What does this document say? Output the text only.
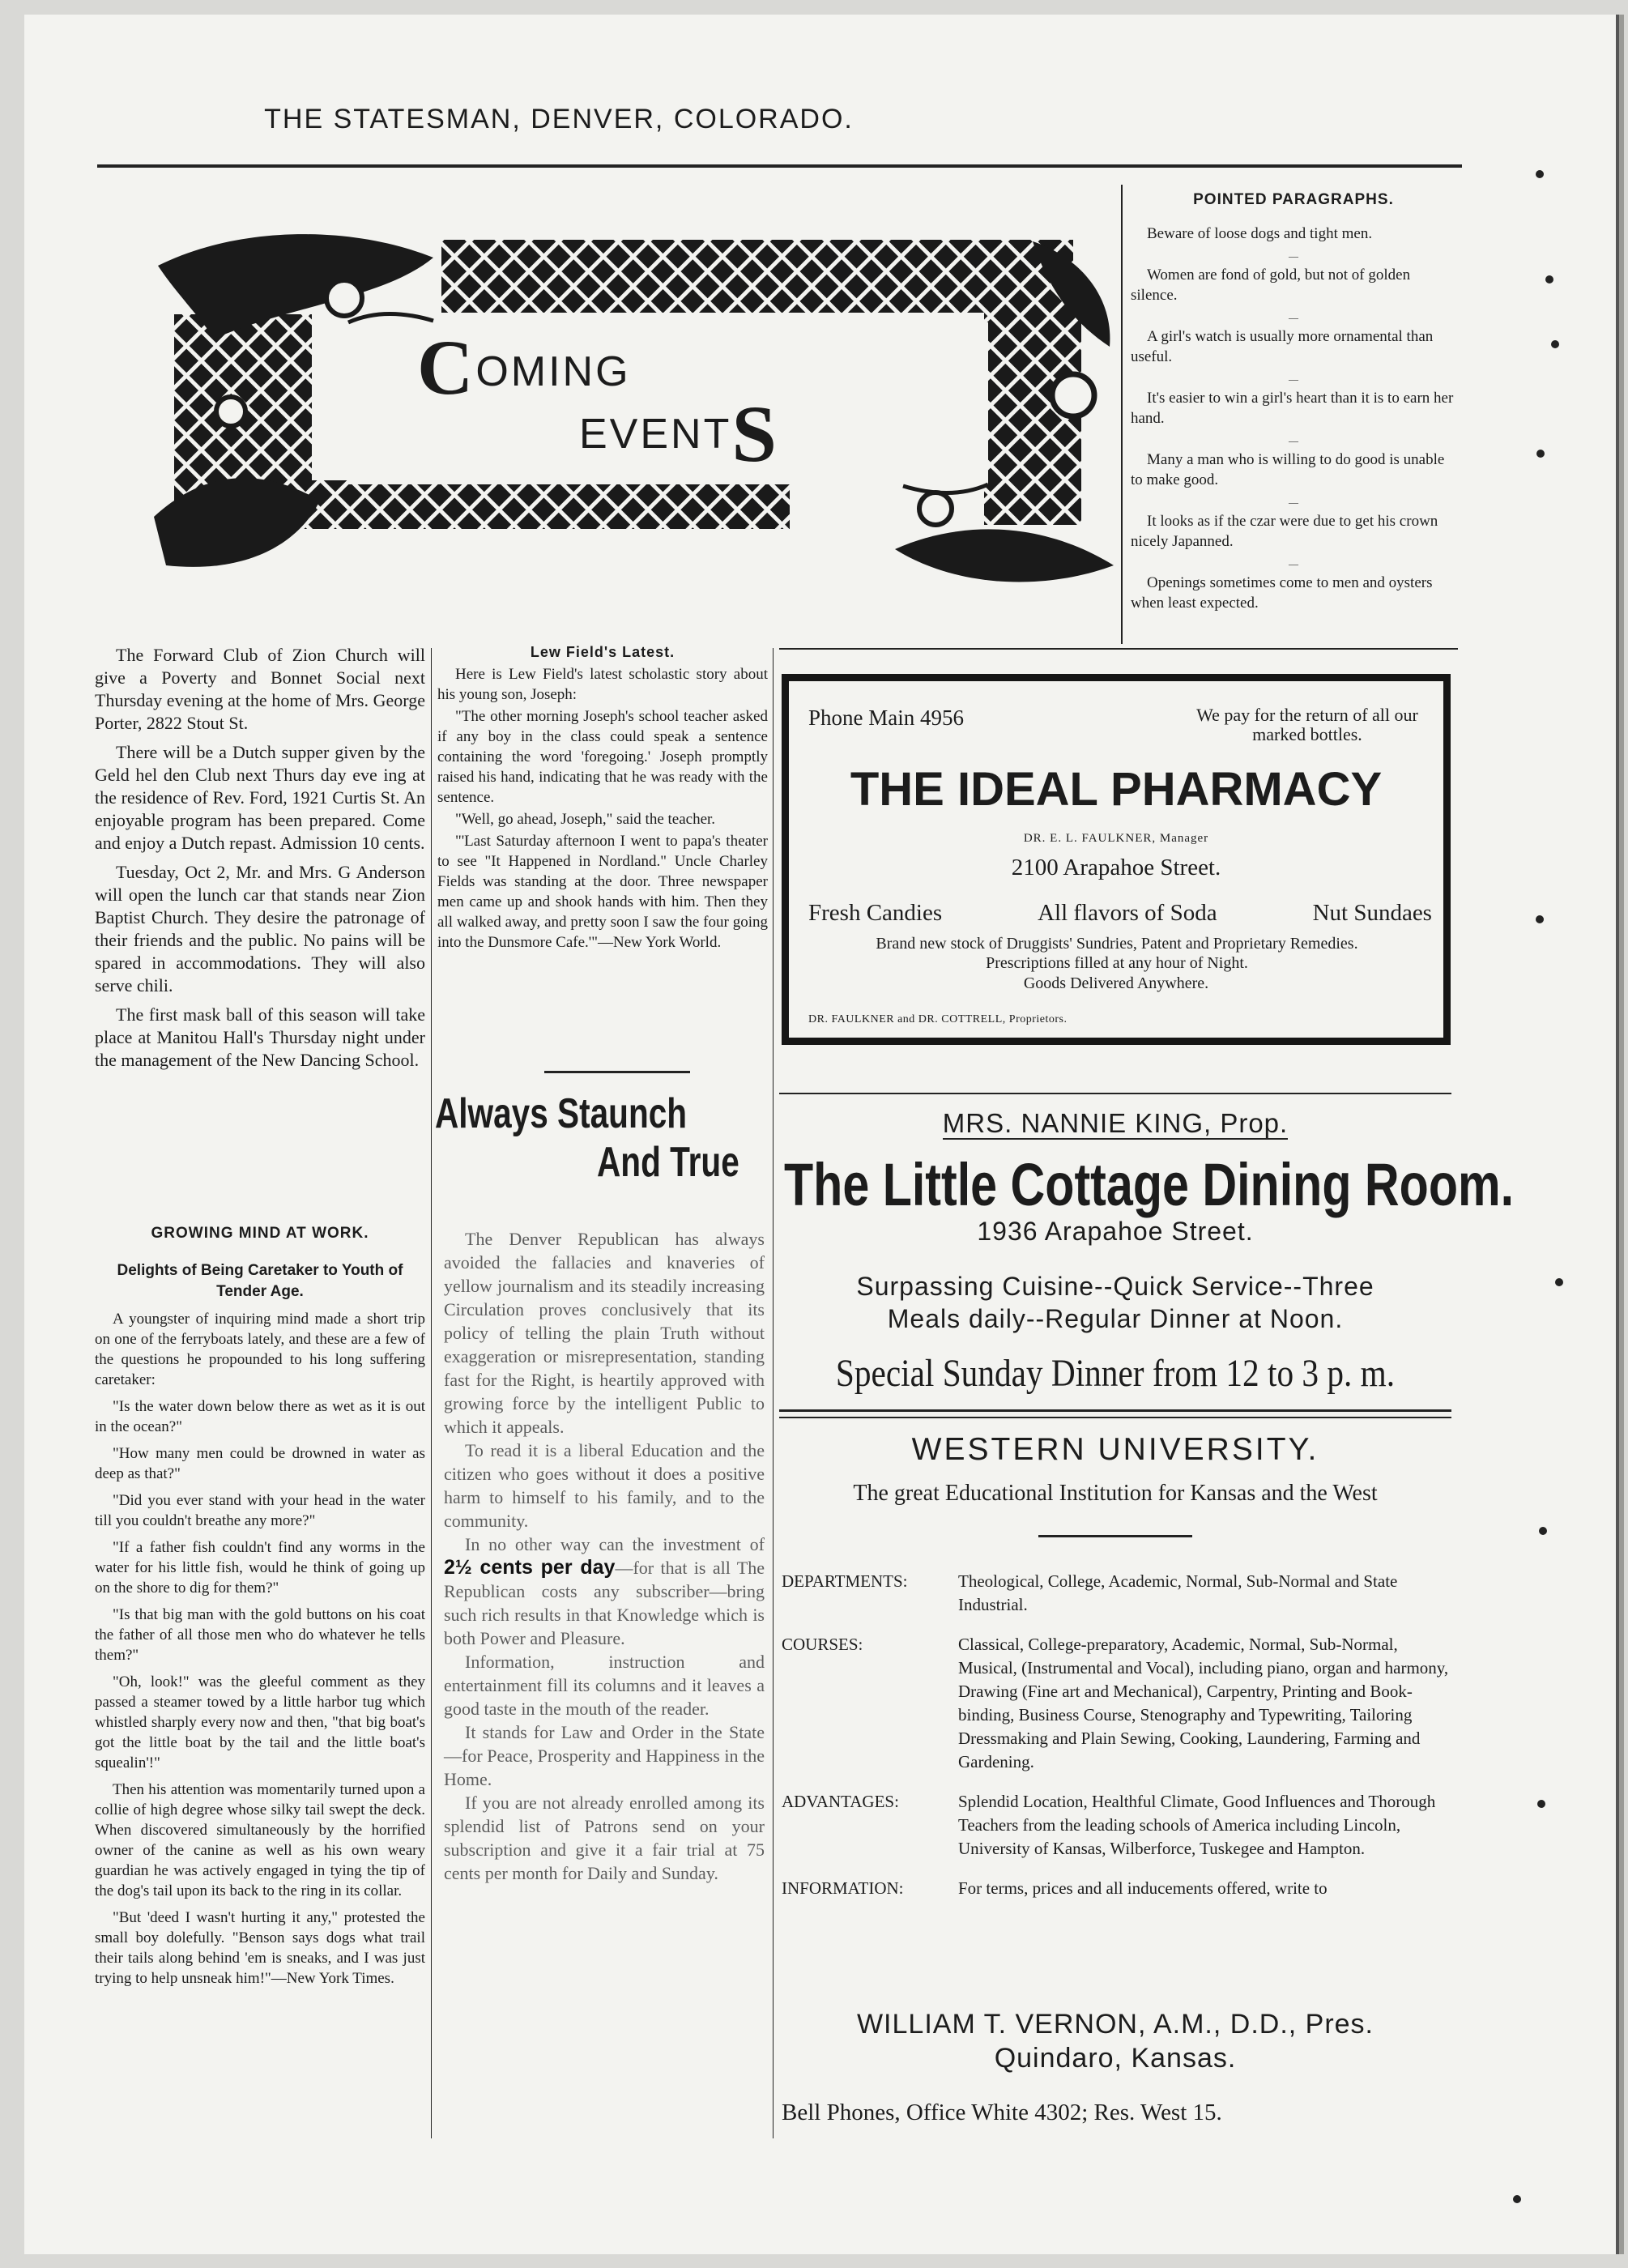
THE STATESMAN, DENVER, COLORADO.
COMING
EVENTS
POINTED PARAGRAPHS.

Beware of loose dogs and tight men.

—

Women are fond of gold, but not of golden silence.

—

A girl's watch is usually more ornamental than useful.

—

It's easier to win a girl's heart than it is to earn her hand.

—

Many a man who is willing to do good is unable to make good.

—

It looks as if the czar were due to get his crown nicely Japanned.

—

Openings sometimes come to men and oysters when least expected.

The Forward Club of Zion Church will give a Poverty and Bonnet Social next Thursday evening at the home of Mrs. George Porter, 2822 Stout St.

There will be a Dutch supper given by the Geld hel den Club next Thurs day eve ing at the residence of Rev. Ford, 1921 Curtis St. An enjoyable program has been prepared. Come and enjoy a Dutch repast. Admission 10 cents.

Tuesday, Oct 2, Mr. and Mrs. G Anderson will open the lunch car that stands near Zion Baptist Church. They desire the patronage of their friends and the public. No pains will be spared in accommodations. They will also serve chili.

The first mask ball of this season will take place at Manitou Hall's Thursday night under the management of the New Dancing School.

GROWING MIND AT WORK.
Delights of Being Caretaker to Youth of Tender Age.

A youngster of inquiring mind made a short trip on one of the ferryboats lately, and these are a few of the questions he propounded to his long suffering caretaker:

"Is the water down below there as wet as it is out in the ocean?"

"How many men could be drowned in water as deep as that?"

"Did you ever stand with your head in the water till you couldn't breathe any more?"

"If a father fish couldn't find any worms in the water for his little fish, would he think of going up on the shore to dig for them?"

"Is that big man with the gold buttons on his coat the father of all those men who do whatever he tells them?"

"Oh, look!" was the gleeful comment as they passed a steamer towed by a little harbor tug which whistled sharply every now and then, "that big boat's got the little boat by the tail and the little boat's squealin'!"

Then his attention was momentarily turned upon a collie of high degree whose silky tail swept the deck. When discovered simultaneously by the horrified owner of the canine as well as his own weary guardian he was actively engaged in tying the tip of the dog's tail upon its back to the ring in its collar.

"But 'deed I wasn't hurting it any," protested the small boy dolefully. "Benson says dogs what trail their tails along behind 'em is sneaks, and I was just trying to help unsneak him!"—New York Times.

Lew Field's Latest.

Here is Lew Field's latest scholastic story about his young son, Joseph:

"The other morning Joseph's school teacher asked if any boy in the class could speak a sentence containing the word 'foregoing.' Joseph promptly raised his hand, indicating that he was ready with the sentence.

"Well, go ahead, Joseph," said the teacher.

"'Last Saturday afternoon I went to papa's theater to see "It Happened in Nordland." Uncle Charley Fields was standing at the door. Three newspaper men came up and shook hands with him. Then they all walked away, and pretty soon I saw the four going into the Dunsmore Cafe.'"—New York World.

Always Staunch
And True

The Denver Republican has always avoided the fallacies and knaveries of yellow journalism and its steadily increasing Circulation proves conclusively that its policy of telling the plain Truth without exaggeration or misrepresentation, standing fast for the Right, is heartily approved with growing force by the intelligent Public to which it appeals.

To read it is a liberal Education and the citizen who goes without it does a positive harm to himself to his family, and to the community.

In no other way can the investment of 2½ cents per day—for that is all The Republican costs any subscriber—bring such rich results in that Knowledge which is both Power and Pleasure.

Information, instruction and entertainment fill its columns and it leaves a good taste in the mouth of the reader.

It stands for Law and Order in the State—for Peace, Prosperity and Happiness in the Home.

If you are not already enrolled among its splendid list of Patrons send on your subscription and give it a fair trial at 75 cents per month for Daily and Sunday.

Phone Main 4956	We pay for the return of all our marked bottles.
THE IDEAL PHARMACY
DR. E. L. FAULKNER, Manager
2100 Arapahoe Street.
Fresh Candies	All flavors of Soda	Nut Sundaes
Brand new stock of Druggists' Sundries, Patent and Proprietary Remedies. Prescriptions filled at any hour of Night.
Goods Delivered Anywhere.
DR. FAULKNER and DR. COTTRELL, Proprietors.
MRS. NANNIE KING, Prop.
The Little Cottage Dining Room.
1936 Arapahoe Street.
Surpassing Cuisine--Quick Service--Three
Meals daily--Regular Dinner at Noon.
Special Sunday Dinner from 12 to 3 p. m.
WESTERN UNIVERSITY.
The great Educational Institution for Kansas and the West
DEPARTMENTS:	Theological, College, Academic, Normal, Sub-Normal and State Industrial.
COURSES:	Classical, College-preparatory, Academic, Normal, Sub-Normal, Musical, (Instrumental and Vocal), including piano, organ and harmony, Drawing (Fine art and Mechanical), Carpentry, Printing and Book-binding, Business Course, Stenography and Typewriting, Tailoring Dressmaking and Plain Sewing, Cooking, Laundering, Farming and Gardening.
ADVANTAGES:	Splendid Location, Healthful Climate, Good Influences and Thorough Teachers from the leading schools of America including Lincoln, University of Kansas, Wilberforce, Tuskegee and Hampton.
INFORMATION:	For terms, prices and all inducements offered, write to
WILLIAM T. VERNON, A.M., D.D., Pres.
Quindaro, Kansas.
Bell Phones, Office White 4302; Res. West 15.
